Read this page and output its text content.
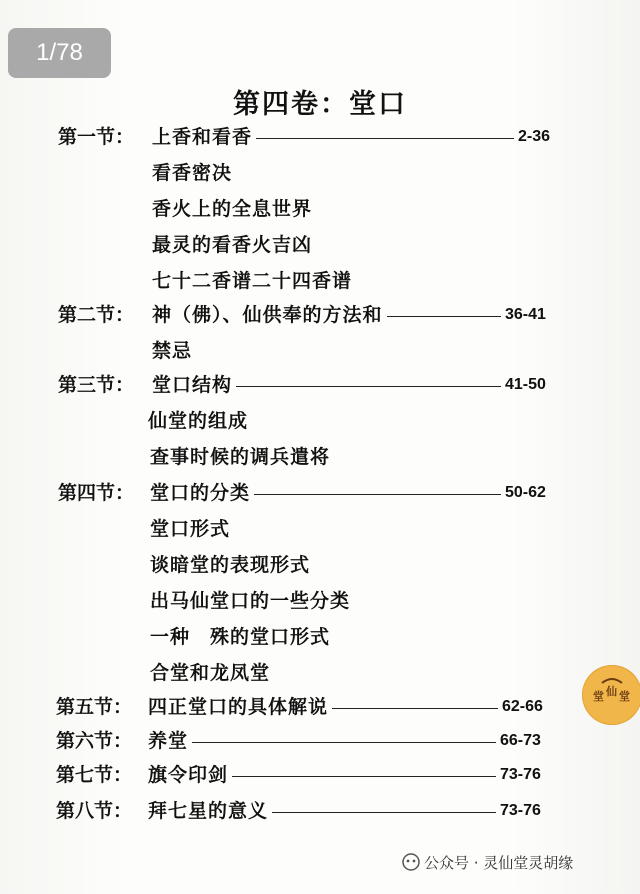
1/78
第四卷：堂口
第一节： 上香和看香	2-36
看香密决
香火上的全息世界
最灵的看香火吉凶
七十二香谱二十四香谱
第二节： 神（佛）、仙供奉的方法和	36-41
禁忌
第三节： 堂口结构	41-50
仙堂的组成
查事时候的调兵遣将
第四节： 堂口的分类	50-62
堂口形式
谈暗堂的表现形式
出马仙堂口的一些分类
一种　殊的堂口形式
合堂和龙凤堂
第五节： 四正堂口的具体解说	62-66
第六节： 养堂	66-73
第七节： 旗令印剑	73-76
第八节： 拜七星的意义	73-76
堂 仙 堂
公众号 · 灵仙堂灵胡缘
